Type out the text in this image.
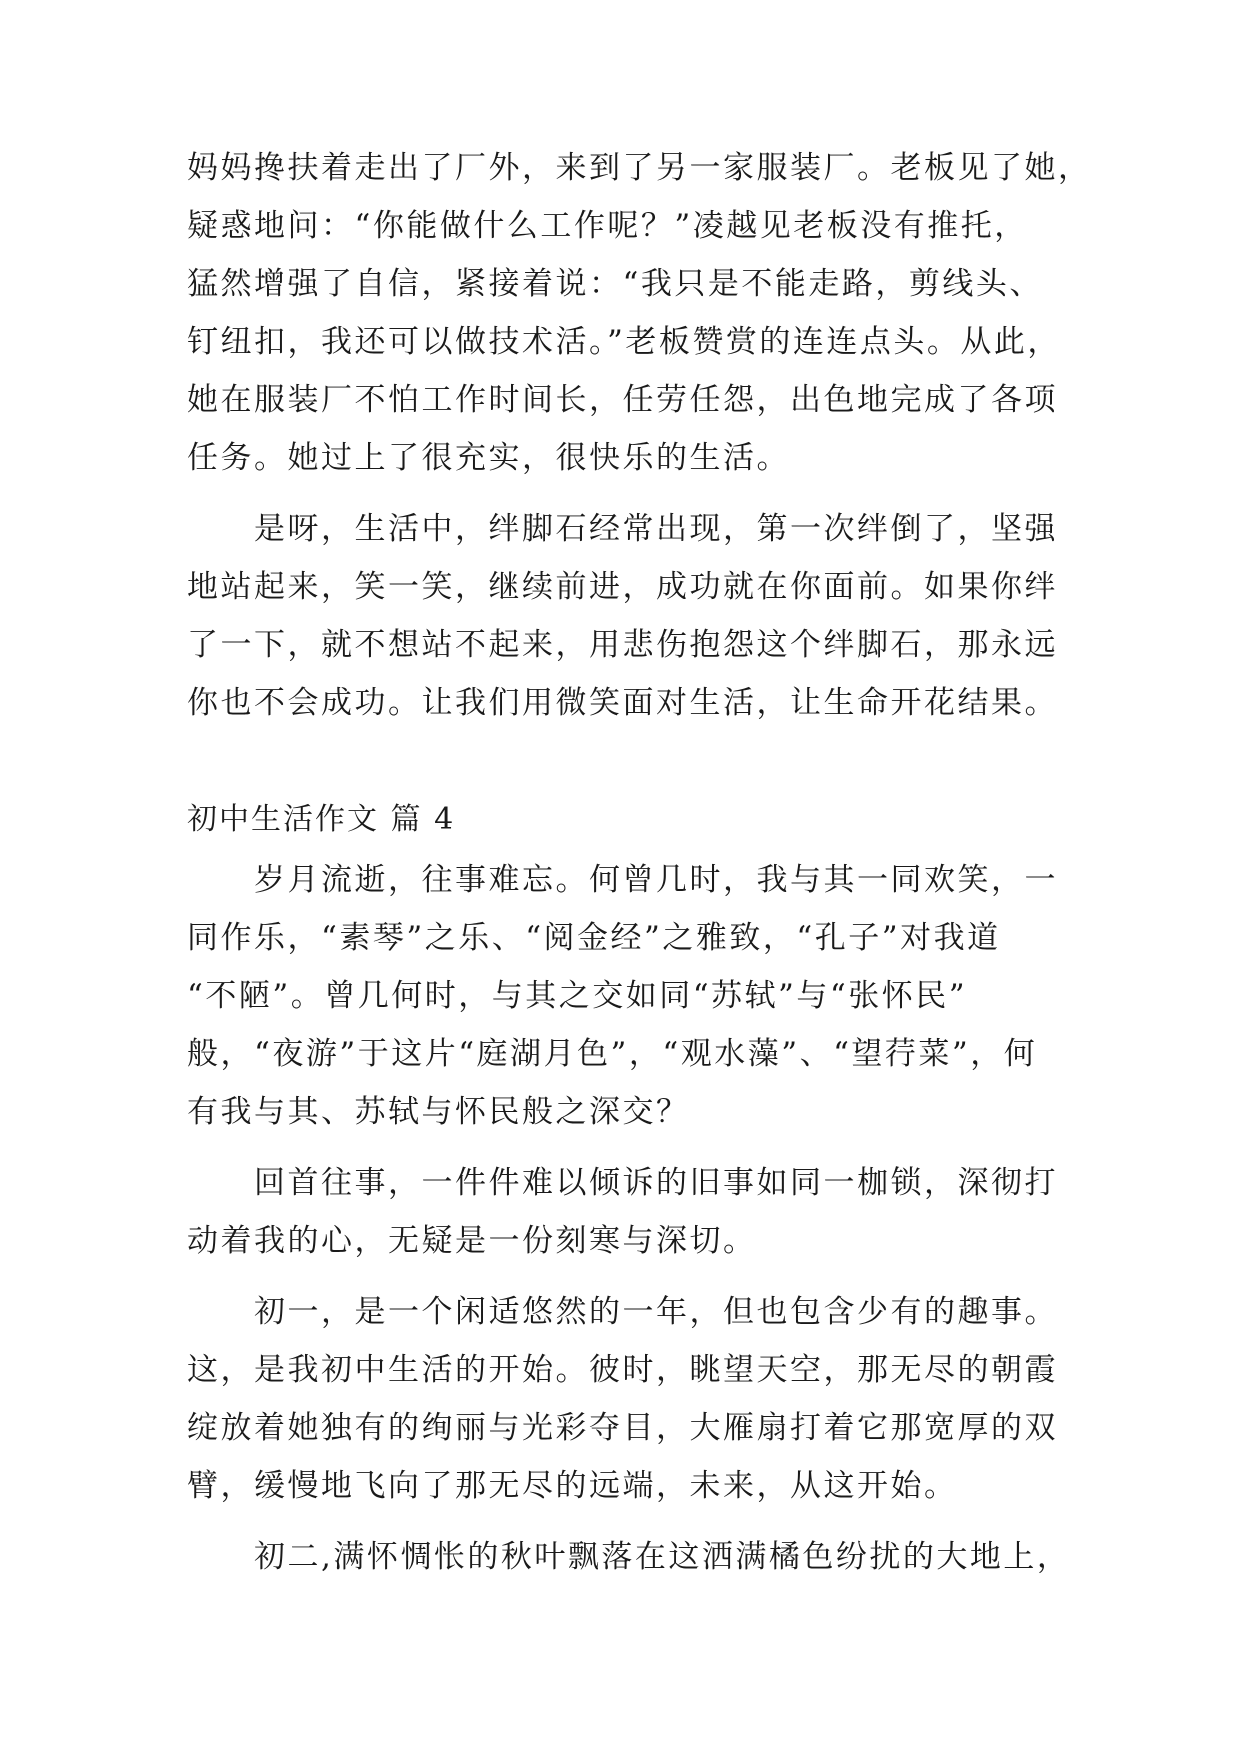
妈妈搀扶着走出了厂外，来到了另一家服装厂。老板见了她，
疑惑地问：“你能做什么工作呢？”凌越见老板没有推托，
猛然增强了自信，紧接着说：“我只是不能走路，剪线头、
钉纽扣，我还可以做技术活。”老板赞赏的连连点头。从此，
她在服装厂不怕工作时间长，任劳任怨，出色地完成了各项
任务。她过上了很充实，很快乐的生活。
是呀，生活中，绊脚石经常出现，第一次绊倒了，坚强
地站起来，笑一笑，继续前进，成功就在你面前。如果你绊
了一下，就不想站不起来，用悲伤抱怨这个绊脚石，那永远
你也不会成功。让我们用微笑面对生活，让生命开花结果。
初中生活作文 篇 4
岁月流逝，往事难忘。何曾几时，我与其一同欢笑，一
同作乐，“素琴”之乐、“阅金经”之雅致，“孔子”对我道
“不陋”。曾几何时，与其之交如同“苏轼”与“张怀民”
般，“夜游”于这片“庭湖月色”，“观水藻”、“望荇菜”，何
有我与其、苏轼与怀民般之深交？
回首往事，一件件难以倾诉的旧事如同一枷锁，深彻打
动着我的心，无疑是一份刻寒与深切。
初一，是一个闲适悠然的一年，但也包含少有的趣事。
这，是我初中生活的开始。彼时，眺望天空，那无尽的朝霞
绽放着她独有的绚丽与光彩夺目，大雁扇打着它那宽厚的双
臂，缓慢地飞向了那无尽的远端，未来，从这开始。
初二,满怀惆怅的秋叶飘落在这洒满橘色纷扰的大地上，
